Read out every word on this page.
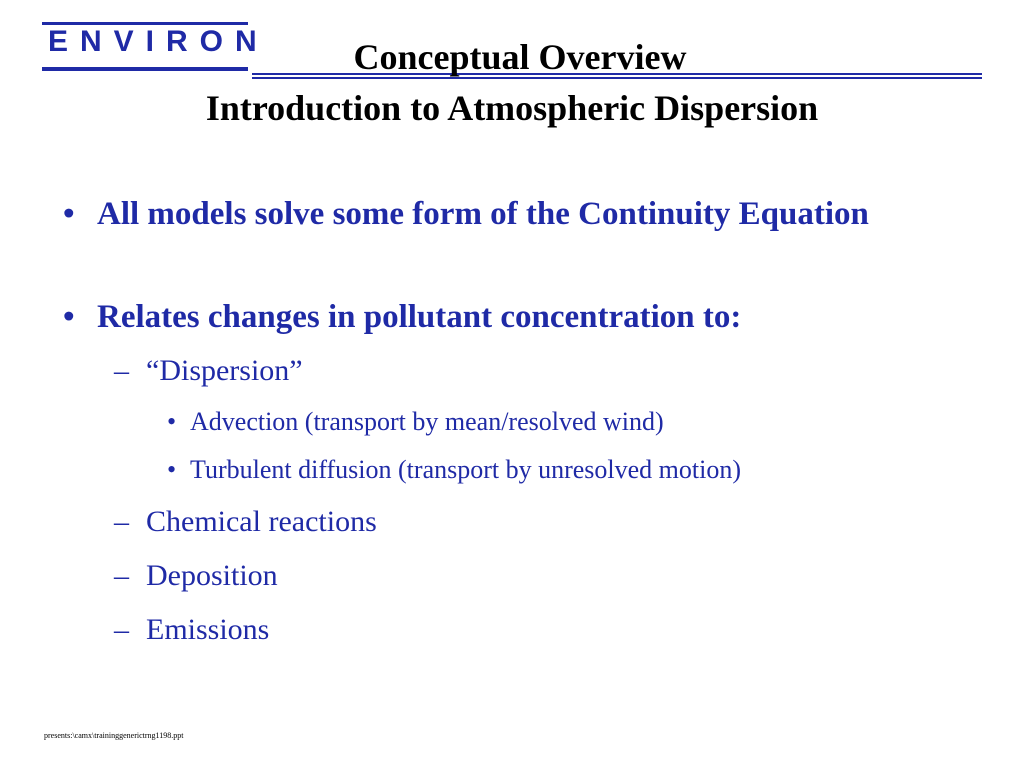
ENVIRON	Conceptual Overview
Introduction to Atmospheric Dispersion
• All models solve some form of the Continuity Equation
• Relates changes in pollutant concentration to:
– “Dispersion”
• Advection (transport by mean/resolved wind)
• Turbulent diffusion (transport by unresolved motion)
– Chemical reactions
– Deposition
– Emissions
presents:\camx\traininggenerictrng1198.ppt
